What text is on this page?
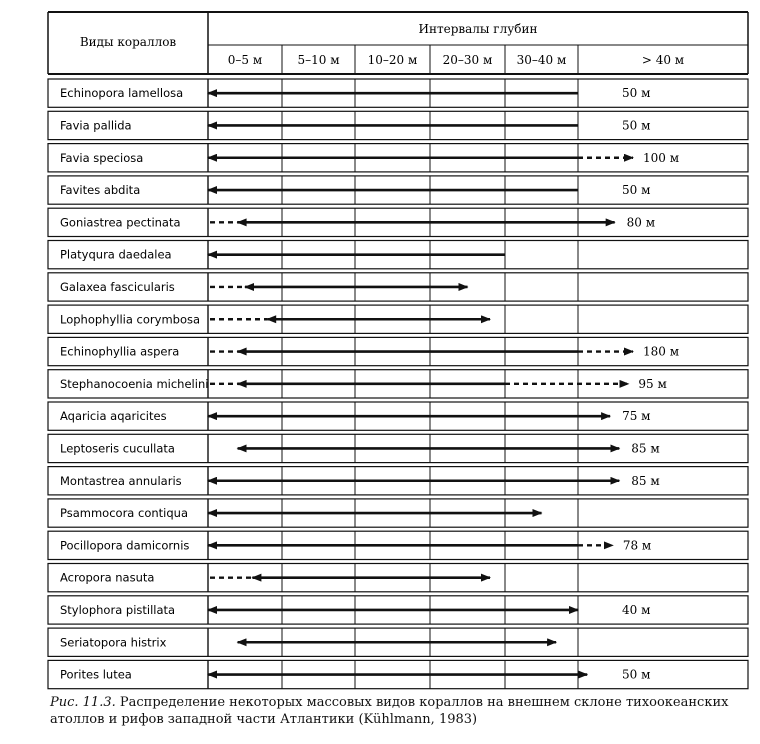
Виды кораллов
Интервалы глубин
0–5 м	5–10 м 10–20 м 20–30 м 30–40 м	> 40 м
Echinopora lamellosa	50 м
Favia pallida	50 м
Favia speciosa	100 м
Favites abdita	50 м
Goniastrea pectinata	80 м
Platyqura daedalea
Galaxea fascicularis
Lophophyllia corymbosa
Echinophyllia aspera	180 м
Stephanocoenia michelini	95 м
Aqaricia aqaricites	75 м
Leptoseris cucullata	85 м
Montastrea annularis	85 м
Psammocora contiqua
Pocillopora damicornis	78 м
Acropora nasuta
Stylophora pistillata	40 м
Seriatopora histrix
Porites lutea	50 м
Рис. 11.3. Распределение некоторых массовых видов кораллов на внешнем склоне тихоокеанских атоллов и рифов западной части Атлантики (Kühlmann, 1983)
